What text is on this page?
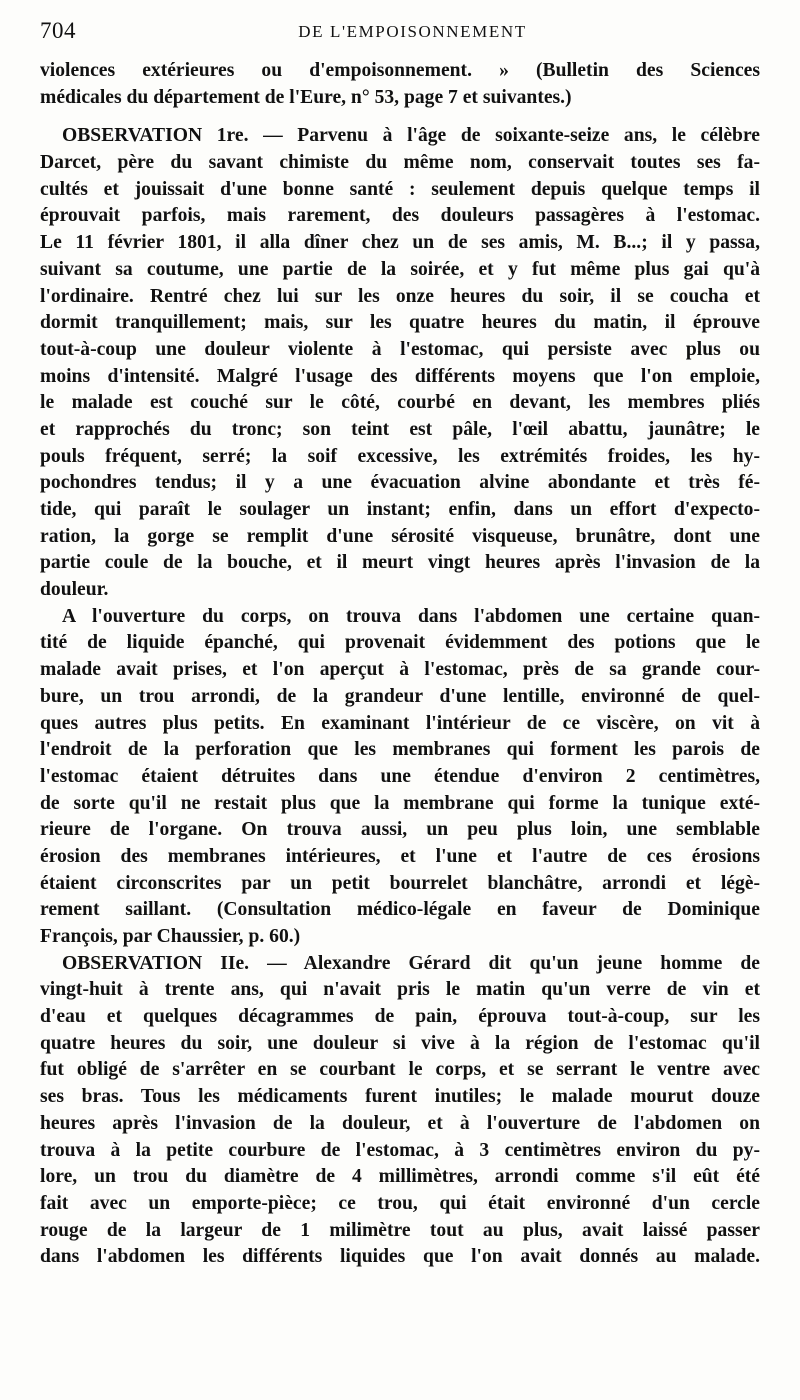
704	DE L'EMPOISONNEMENT
violences extérieures ou d'empoisonnement. » (Bulletin des Sciences
médicales du département de l'Eure, n° 53, page 7 et suivantes.)
OBSERVATION 1re. — Parvenu à l'âge de soixante-seize ans, le célèbre
Darcet, père du savant chimiste du même nom, conservait toutes ses fa-
cultés et jouissait d'une bonne santé : seulement depuis quelque temps il
éprouvait parfois, mais rarement, des douleurs passagères à l'estomac.
Le 11 février 1801, il alla dîner chez un de ses amis, M. B...; il y passa,
suivant sa coutume, une partie de la soirée, et y fut même plus gai qu'à
l'ordinaire. Rentré chez lui sur les onze heures du soir, il se coucha et
dormit tranquillement; mais, sur les quatre heures du matin, il éprouve
tout-à-coup une douleur violente à l'estomac, qui persiste avec plus ou
moins d'intensité. Malgré l'usage des différents moyens que l'on emploie,
le malade est couché sur le côté, courbé en devant, les membres pliés
et rapprochés du tronc; son teint est pâle, l'œil abattu, jaunâtre; le
pouls fréquent, serré; la soif excessive, les extrémités froides, les hy-
pochondres tendus; il y a une évacuation alvine abondante et très fé-
tide, qui paraît le soulager un instant; enfin, dans un effort d'expecto-
ration, la gorge se remplit d'une sérosité visqueuse, brunâtre, dont une
partie coule de la bouche, et il meurt vingt heures après l'invasion de la
douleur.
A l'ouverture du corps, on trouva dans l'abdomen une certaine quan-
tité de liquide épanché, qui provenait évidemment des potions que le
malade avait prises, et l'on aperçut à l'estomac, près de sa grande cour-
bure, un trou arrondi, de la grandeur d'une lentille, environné de quel-
ques autres plus petits. En examinant l'intérieur de ce viscère, on vit à
l'endroit de la perforation que les membranes qui forment les parois de
l'estomac étaient détruites dans une étendue d'environ 2 centimètres,
de sorte qu'il ne restait plus que la membrane qui forme la tunique exté-
rieure de l'organe. On trouva aussi, un peu plus loin, une semblable
érosion des membranes intérieures, et l'une et l'autre de ces érosions
étaient circonscrites par un petit bourrelet blanchâtre, arrondi et légè-
rement saillant. (Consultation médico-légale en faveur de Dominique
François, par Chaussier, p. 60.)
OBSERVATION IIe. — Alexandre Gérard dit qu'un jeune homme de
vingt-huit à trente ans, qui n'avait pris le matin qu'un verre de vin et
d'eau et quelques décagrammes de pain, éprouva tout-à-coup, sur les
quatre heures du soir, une douleur si vive à la région de l'estomac qu'il
fut obligé de s'arrêter en se courbant le corps, et se serrant le ventre avec
ses bras. Tous les médicaments furent inutiles; le malade mourut douze
heures après l'invasion de la douleur, et à l'ouverture de l'abdomen on
trouva à la petite courbure de l'estomac, à 3 centimètres environ du py-
lore, un trou du diamètre de 4 millimètres, arrondi comme s'il eût été
fait avec un emporte-pièce; ce trou, qui était environné d'un cercle
rouge de la largeur de 1 milimètre tout au plus, avait laissé passer
dans l'abdomen les différents liquides que l'on avait donnés au malade.
